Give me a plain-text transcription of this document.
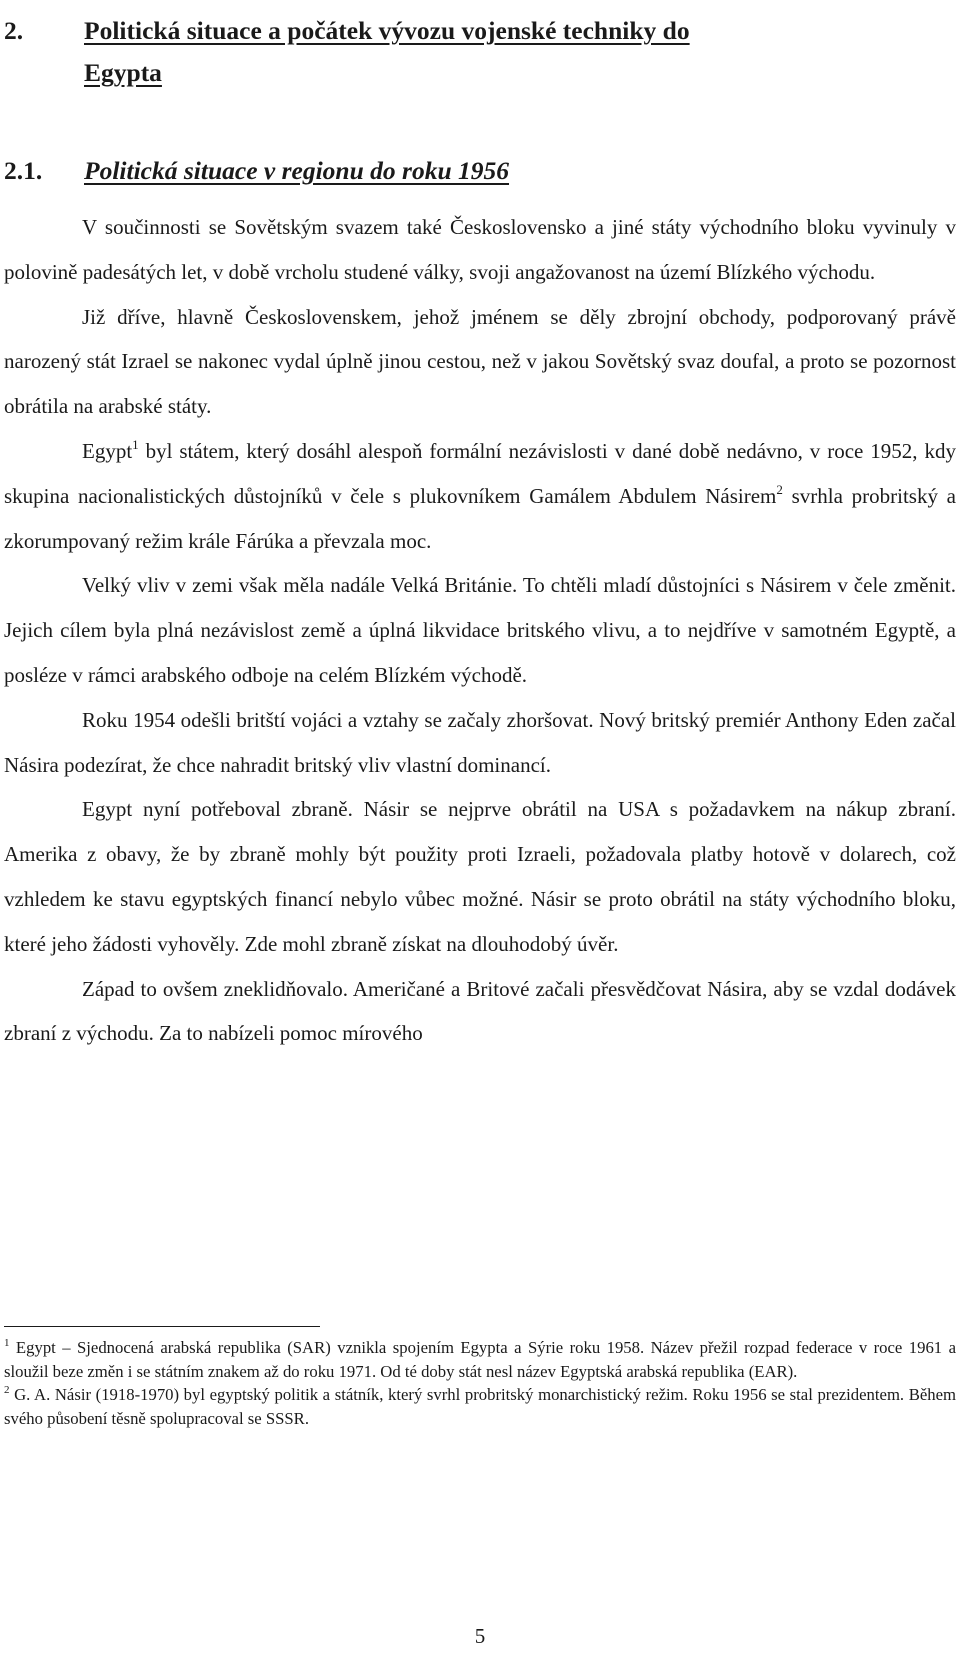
2. Politická situace a počátek vývozu vojenské techniky do
Egypta
2.1. Politická situace v regionu do roku 1956

V součinnosti se Sovětským svazem také Československo a jiné státy východního bloku vyvinuly v polovině padesátých let, v době vrcholu studené války, svoji angažovanost na území Blízkého východu.

Již dříve, hlavně Československem, jehož jménem se děly zbrojní obchody, podporovaný právě narozený stát Izrael se nakonec vydal úplně jinou cestou, než v jakou Sovětský svaz doufal, a proto se pozornost obrátila na arabské státy.

Egypt$^1$ byl státem, který dosáhl alespoň formální nezávislosti v dané době nedávno, v roce 1952, kdy skupina nacionalistických důstojníků v čele s plukovníkem Gamálem Abdulem Násirem$^2$ svrhla probritský a zkorumpovaný režim krále Fárúka a převzala moc.

Velký vliv v zemi však měla nadále Velká Británie. To chtěli mladí důstojníci s Násirem v čele změnit. Jejich cílem byla plná nezávislost země a úplná likvidace britského vlivu, a to nejdříve v samotném Egyptě, a posléze v rámci arabského odboje na celém Blízkém východě.

Roku 1954 odešli britští vojáci a vztahy se začaly zhoršovat. Nový britský premiér Anthony Eden začal Násira podezírat, že chce nahradit britský vliv vlastní dominancí.

Egypt nyní potřeboval zbraně. Násir se nejprve obrátil na USA s požadavkem na nákup zbraní. Amerika z obavy, že by zbraně mohly být použity proti Izraeli, požadovala platby hotově v dolarech, což vzhledem ke stavu egyptských financí nebylo vůbec možné. Násir se proto obrátil na státy východního bloku, které jeho žádosti vyhověly. Zde mohl zbraně získat na dlouhodobý úvěr.

Západ to ovšem zneklidňovalo. Američané a Britové začali přesvědčovat Násira, aby se vzdal dodávek zbraní z východu. Za to nabízeli pomoc mírového

$^1$ Egypt – Sjednocená arabská republika (SAR) vznikla spojením Egypta a Sýrie roku 1958. Název přežil rozpad federace v roce 1961 a sloužil beze změn i se státním znakem až do roku 1971. Od té doby stát nesl název Egyptská arabská republika (EAR).

$^2$ G. A. Násir (1918-1970) byl egyptský politik a státník, který svrhl probritský monarchistický režim. Roku 1956 se stal prezidentem. Během svého působení těsně spolupracoval se SSSR.

5
